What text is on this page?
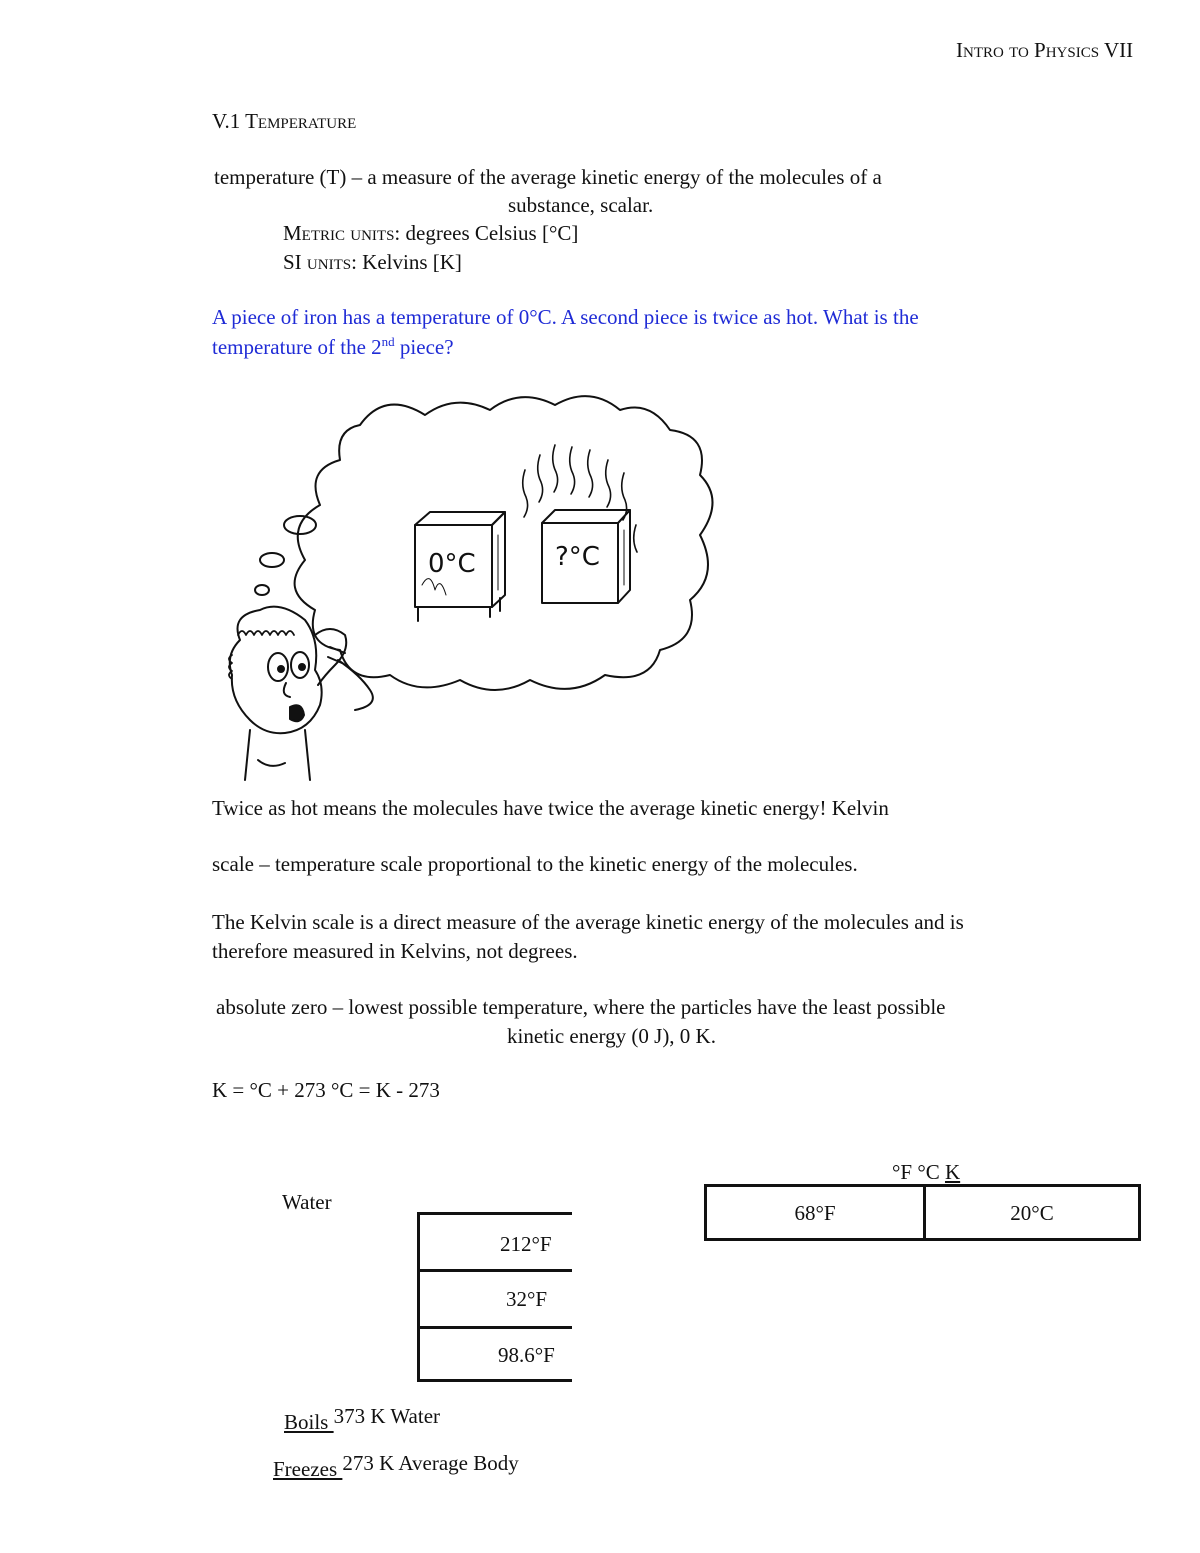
Intro to Physics VII
V.1 Temperature
temperature (T) – a measure of the average kinetic energy of the molecules of a
substance, scalar.
Metric units: degrees Celsius [°C]
SI units: Kelvins [K]
A piece of iron has a temperature of 0°C. A second piece is twice as hot. What is the
temperature of the 2nd piece?
0°C	?°C
Twice as hot means the molecules have twice the average kinetic energy! Kelvin
scale – temperature scale proportional to the kinetic energy of the molecules.
The Kelvin scale is a direct measure of the average kinetic energy of the molecules and is
therefore measured in Kelvins, not degrees.
absolute zero – lowest possible temperature, where the particles have the least possible
kinetic energy (0 J), 0 K.
K = °C + 273 °C = K - 273
Water
212°F
32°F
98.6°F
Boils 373 K Water
Freezes 273 K Average Body
°F °C K
68°F	20°C
